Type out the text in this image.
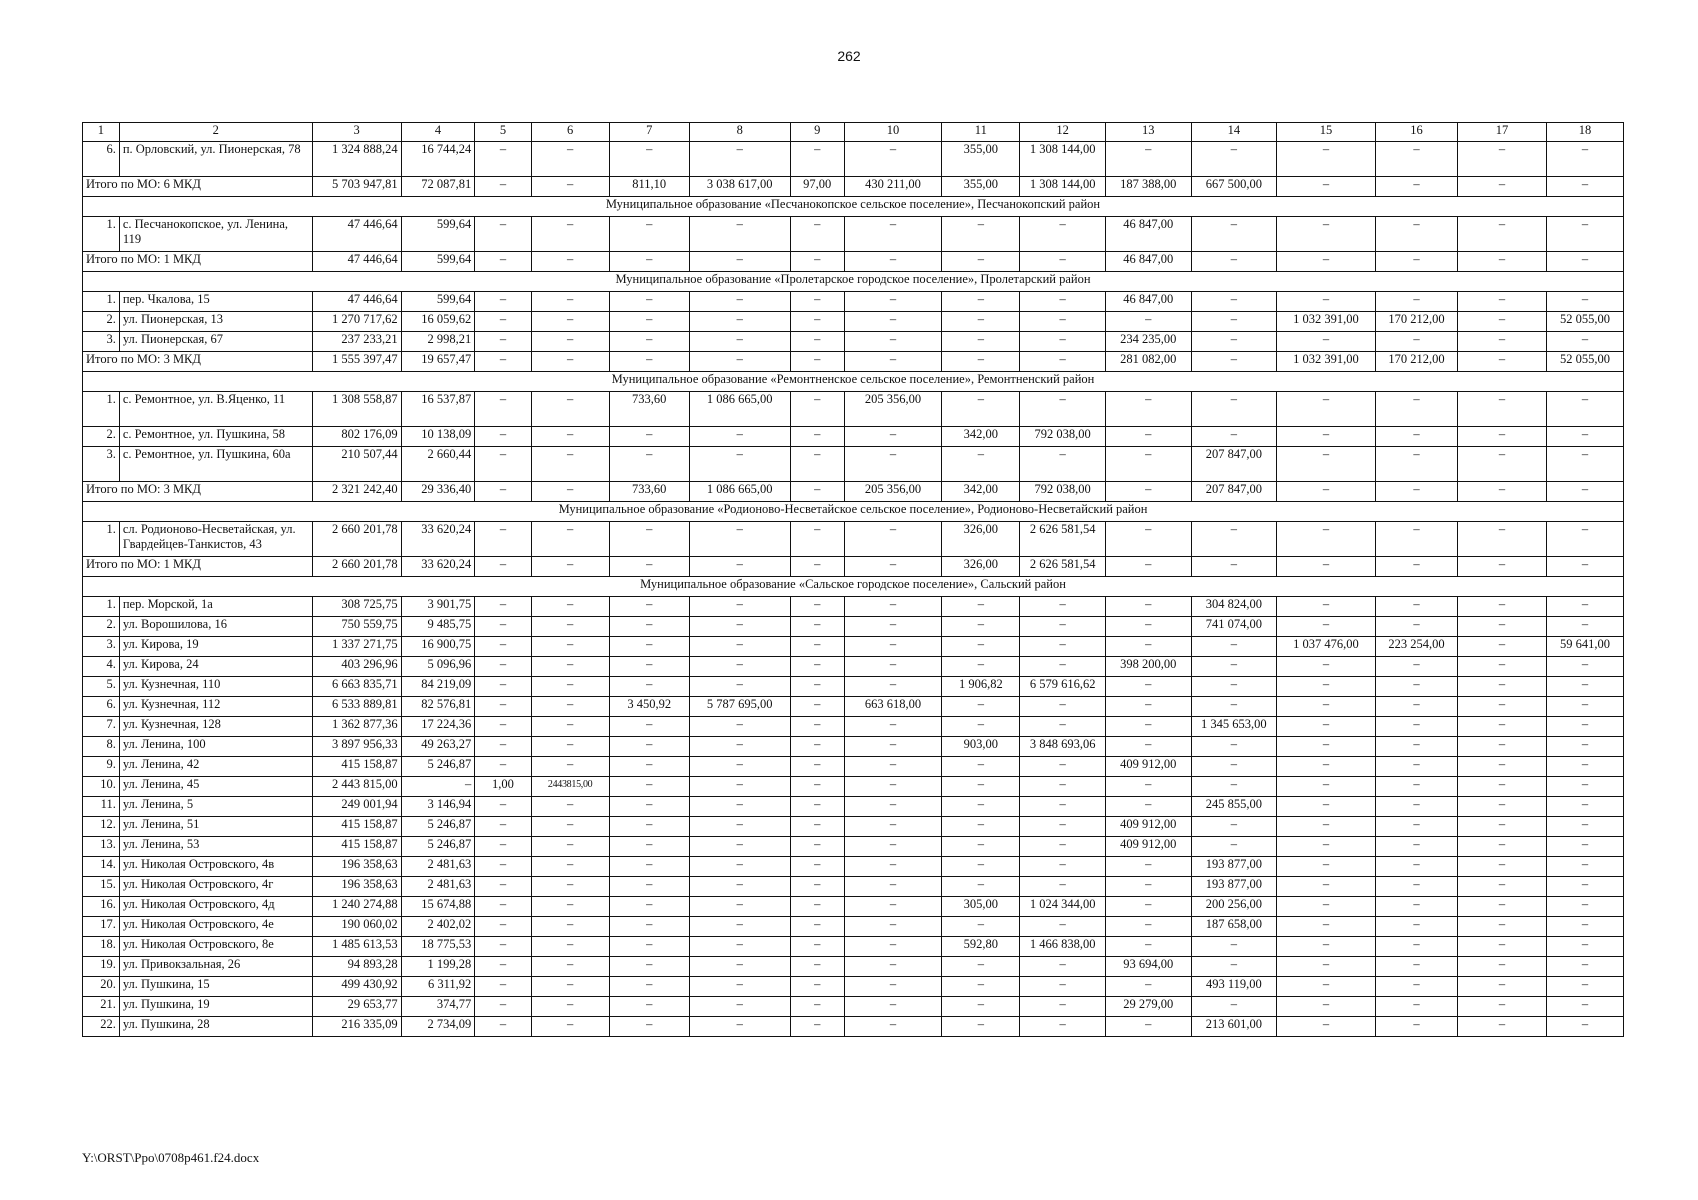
262
1	2	3	4	5	6	7	8	9	10	11	12	13	14	15	16	17	18
6.	п. Орловский, ул. Пионерская, 78	1 324 888,24	16 744,24	–	–	–	–	–	–	355,00	1 308 144,00	–	–	–	–	–	–
Итого по МО: 6 МКД		5 703 947,81	72 087,81	–	–	811,10	3 038 617,00	97,00	430 211,00	355,00	1 308 144,00	187 388,00	667 500,00	–	–	–	–
Муниципальное образование «Песчанокопское сельское поселение», Песчанокопский район																	
1.	с. Песчанокопское, ул. Ленина, 119	47 446,64	599,64	–	–	–	–	–	–	–	–	46 847,00	–	–	–	–	–
Итого по МО: 1 МКД		47 446,64	599,64	–	–	–	–	–	–	–	–	46 847,00	–	–	–	–	–
Муниципальное образование «Пролетарское городское поселение», Пролетарский район																	
1.	пер. Чкалова, 15	47 446,64	599,64	–	–	–	–	–	–	–	–	46 847,00	–	–	–	–	–
2.	ул. Пионерская, 13	1 270 717,62	16 059,62	–	–	–	–	–	–	–	–	–	–	1 032 391,00	170 212,00	–	52 055,00
3.	ул. Пионерская, 67	237 233,21	2 998,21	–	–	–	–	–	–	–	–	234 235,00	–	–	–	–	–
Итого по МО: 3 МКД		1 555 397,47	19 657,47	–	–	–	–	–	–	–	–	281 082,00	–	1 032 391,00	170 212,00	–	52 055,00
Муниципальное образование «Ремонтненское сельское поселение», Ремонтненский район																	
1.	с. Ремонтное, ул. В.Яценко, 11	1 308 558,87	16 537,87	–	–	733,60	1 086 665,00	–	205 356,00	–	–	–	–	–	–	–	–
2.	с. Ремонтное, ул. Пушкина, 58	802 176,09	10 138,09	–	–	–	–	–	–	342,00	792 038,00	–	–	–	–	–	–
3.	с. Ремонтное, ул. Пушкина, 60а	210 507,44	2 660,44	–	–	–	–	–	–	–	–	–	207 847,00	–	–	–	–
Итого по МО: 3 МКД		2 321 242,40	29 336,40	–	–	733,60	1 086 665,00	–	205 356,00	342,00	792 038,00	–	207 847,00	–	–	–	–
Муниципальное образование «Родионово-Несветайское сельское поселение», Родионово-Несветайский район																	
1.	сл. Родионово-Несветайская, ул. Гвардейцев-Танкистов, 43	2 660 201,78	33 620,24	–	–	–	–	–	–	326,00	2 626 581,54	–	–	–	–	–	–
Итого по МО: 1 МКД		2 660 201,78	33 620,24	–	–	–	–	–	–	326,00	2 626 581,54	–	–	–	–	–	–
Муниципальное образование «Сальское городское поселение», Сальский район																	
1.	пер. Морской, 1а	308 725,75	3 901,75	–	–	–	–	–	–	–	–	–	304 824,00	–	–	–	–
2.	ул. Ворошилова, 16	750 559,75	9 485,75	–	–	–	–	–	–	–	–	–	741 074,00	–	–	–	–
3.	ул. Кирова, 19	1 337 271,75	16 900,75	–	–	–	–	–	–	–	–	–	–	1 037 476,00	223 254,00	–	59 641,00
4.	ул. Кирова, 24	403 296,96	5 096,96	–	–	–	–	–	–	–	–	398 200,00	–	–	–	–	–
5.	ул. Кузнечная, 110	6 663 835,71	84 219,09	–	–	–	–	–	–	1 906,82	6 579 616,62	–	–	–	–	–	–
6.	ул. Кузнечная, 112	6 533 889,81	82 576,81	–	–	3 450,92	5 787 695,00	–	663 618,00	–	–	–	–	–	–	–	–
7.	ул. Кузнечная, 128	1 362 877,36	17 224,36	–	–	–	–	–	–	–	–	–	1 345 653,00	–	–	–	–
8.	ул. Ленина, 100	3 897 956,33	49 263,27	–	–	–	–	–	–	903,00	3 848 693,06	–	–	–	–	–	–
9.	ул. Ленина, 42	415 158,87	5 246,87	–	–	–	–	–	–	–	–	409 912,00	–	–	–	–	–
10.	ул. Ленина, 45	2 443 815,00	–	1,00	2443815,00	–	–	–	–	–	–	–	–	–	–	–	–
11.	ул. Ленина, 5	249 001,94	3 146,94	–	–	–	–	–	–	–	–	–	245 855,00	–	–	–	–
12.	ул. Ленина, 51	415 158,87	5 246,87	–	–	–	–	–	–	–	–	409 912,00	–	–	–	–	–
13.	ул. Ленина, 53	415 158,87	5 246,87	–	–	–	–	–	–	–	–	409 912,00	–	–	–	–	–
14.	ул. Николая Островского, 4в	196 358,63	2 481,63	–	–	–	–	–	–	–	–	–	193 877,00	–	–	–	–
15.	ул. Николая Островского, 4г	196 358,63	2 481,63	–	–	–	–	–	–	–	–	–	193 877,00	–	–	–	–
16.	ул. Николая Островского, 4д	1 240 274,88	15 674,88	–	–	–	–	–	–	305,00	1 024 344,00	–	200 256,00	–	–	–	–
17.	ул. Николая Островского, 4е	190 060,02	2 402,02	–	–	–	–	–	–	–	–	–	187 658,00	–	–	–	–
18.	ул. Николая Островского, 8е	1 485 613,53	18 775,53	–	–	–	–	–	–	592,80	1 466 838,00	–	–	–	–	–	–
19.	ул. Привокзальная, 26	94 893,28	1 199,28	–	–	–	–	–	–	–	–	93 694,00	–	–	–	–	–
20.	ул. Пушкина, 15	499 430,92	6 311,92	–	–	–	–	–	–	–	–	–	493 119,00	–	–	–	–
21.	ул. Пушкина, 19	29 653,77	374,77	–	–	–	–	–	–	–	–	29 279,00	–	–	–	–	–
22.	ул. Пушкина, 28	216 335,09	2 734,09	–	–	–	–	–	–	–	–	–	213 601,00	–	–	–	–
Y:\ORST\Ppo\0708p461.f24.docx
